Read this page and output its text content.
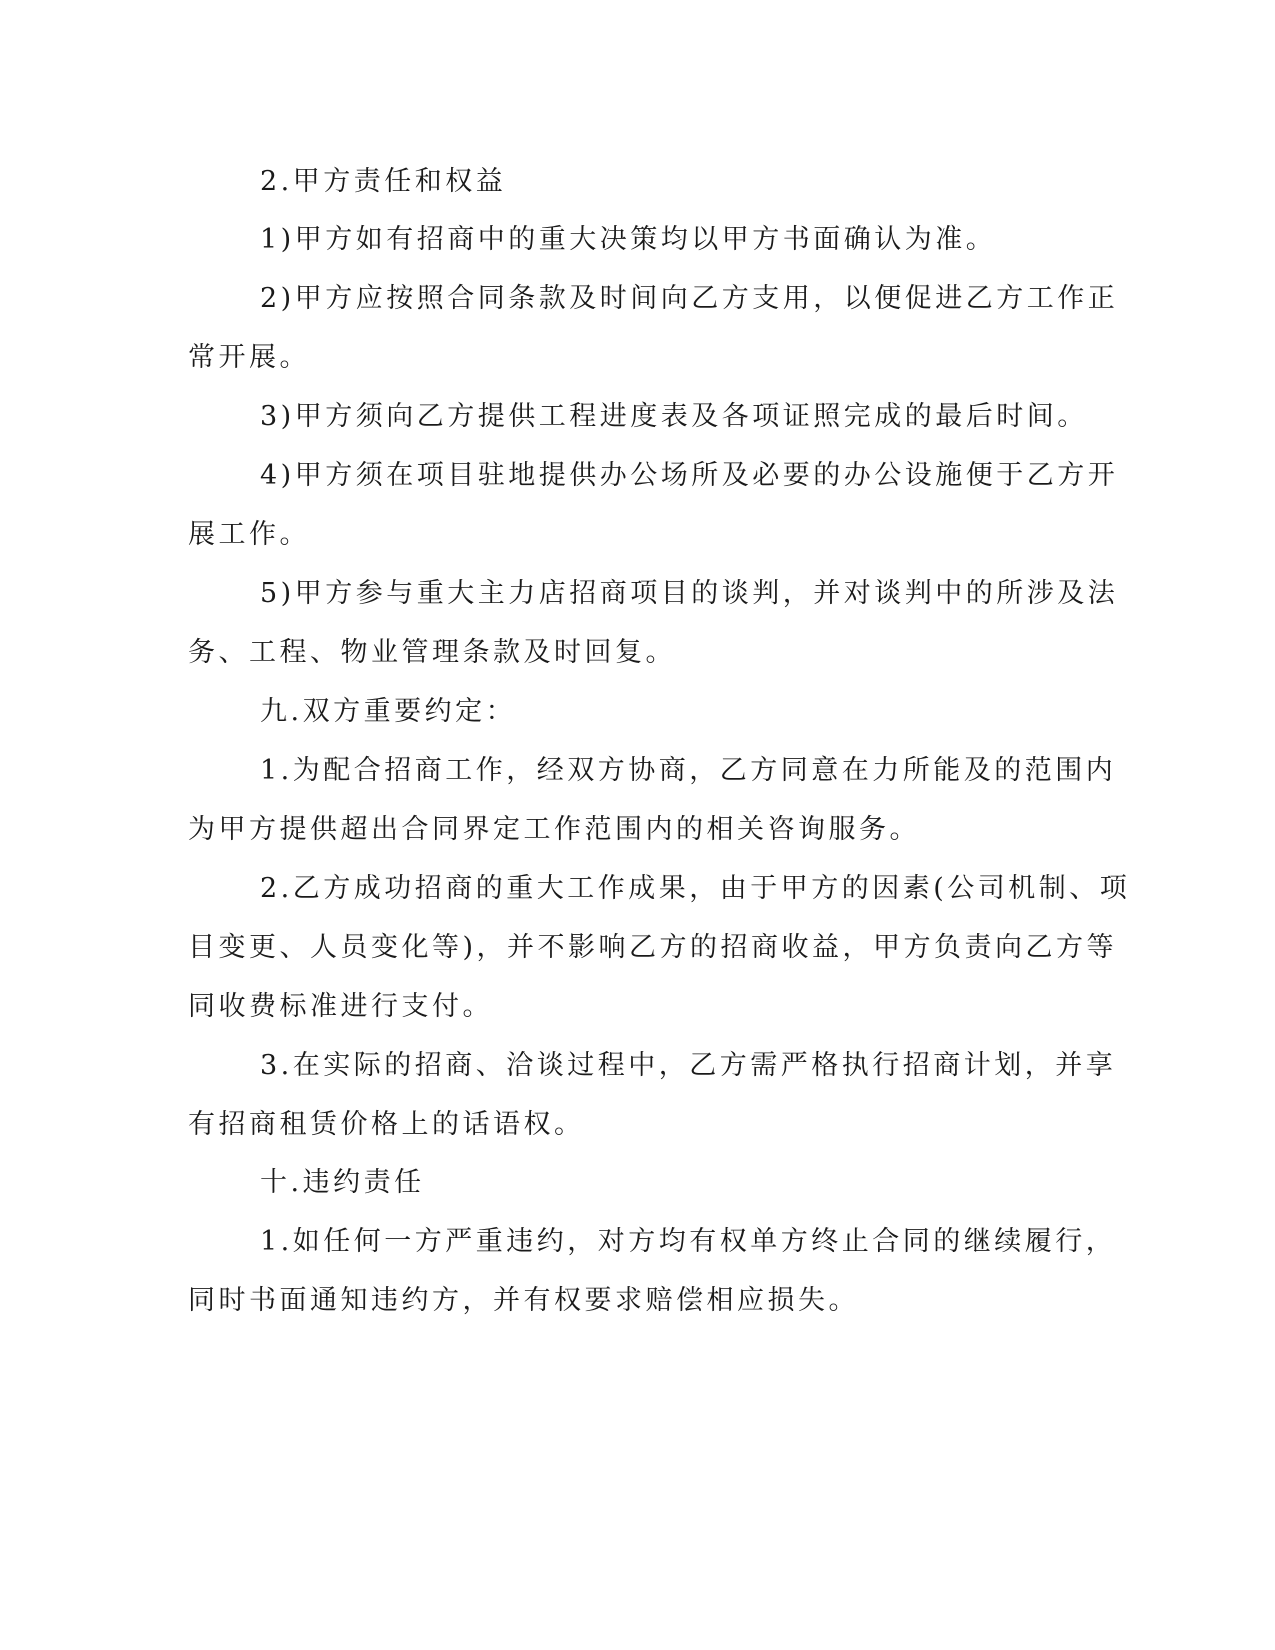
2.甲方责任和权益
1)甲方如有招商中的重大决策均以甲方书面确认为准。
2)甲方应按照合同条款及时间向乙方支用，以便促进乙方工作正
常开展。
3)甲方须向乙方提供工程进度表及各项证照完成的最后时间。
4)甲方须在项目驻地提供办公场所及必要的办公设施便于乙方开
展工作。
5)甲方参与重大主力店招商项目的谈判，并对谈判中的所涉及法
务、工程、物业管理条款及时回复。
九.双方重要约定：
1.为配合招商工作，经双方协商，乙方同意在力所能及的范围内
为甲方提供超出合同界定工作范围内的相关咨询服务。
2.乙方成功招商的重大工作成果，由于甲方的因素(公司机制、项
目变更、人员变化等)，并不影响乙方的招商收益，甲方负责向乙方等
同收费标准进行支付。
3.在实际的招商、洽谈过程中，乙方需严格执行招商计划，并享
有招商租赁价格上的话语权。
十.违约责任
1.如任何一方严重违约，对方均有权单方终止合同的继续履行，
同时书面通知违约方，并有权要求赔偿相应损失。
